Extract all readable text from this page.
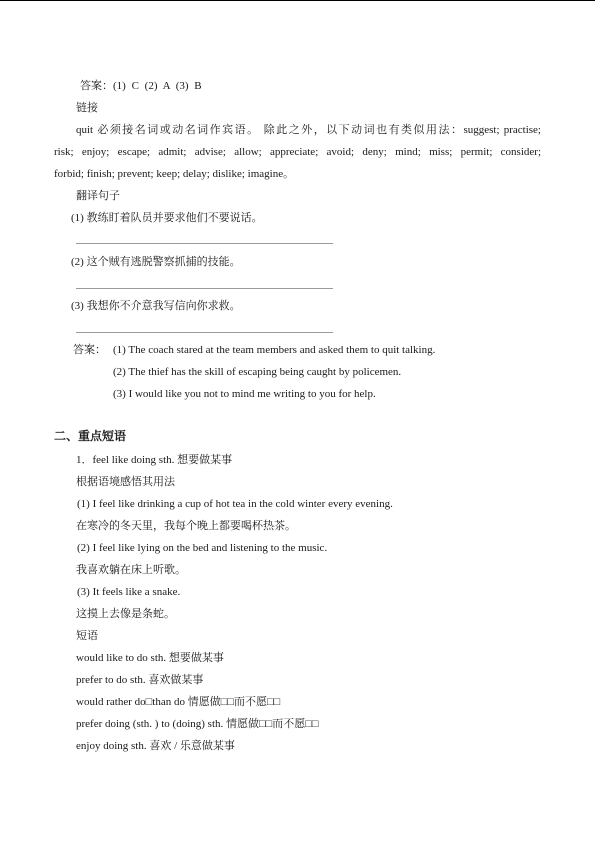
答案：(1) C (2) A (3) B
链接
quit 必须接名词或动名词作宾语。 除此之外，以下动词也有类似用法：suggest; practise;
risk; enjoy; escape; admit; advise; allow; appreciate; avoid; deny; mind; miss; permit; consider;
forbid; finish; prevent; keep; delay; dislike; imagine。
翻译句子
(1) 教练盯着队员并要求他们不要说话。
(2) 这个贼有逃脱警察抓捕的技能。
(3) 我想你不介意我写信向你求救。
答案： (1) The coach stared at the team members and asked them to quit talking.
(2) The thief has the skill of escaping being caught by policemen.
(3) I would like you not to mind me writing to you for help.
二、重点短语
1．feel like doing sth. 想要做某事
根据语境感悟其用法
(1) I feel like drinking a cup of hot tea in the cold winter every evening.
在寒冷的冬天里，我每个晚上都要喝杯热茶。
(2) I feel like lying on the bed and listening to the music.
我喜欢躺在床上听歌。
(3) It feels like a snake.
这摸上去像是条蛇。
短语
would like to do sth. 想要做某事
prefer to do sth. 喜欢做某事
would rather do□than do 情愿做□□而不愿□□
prefer doing (sth. ) to (doing) sth. 情愿做□□而不愿□□
enjoy doing sth. 喜欢 / 乐意做某事
